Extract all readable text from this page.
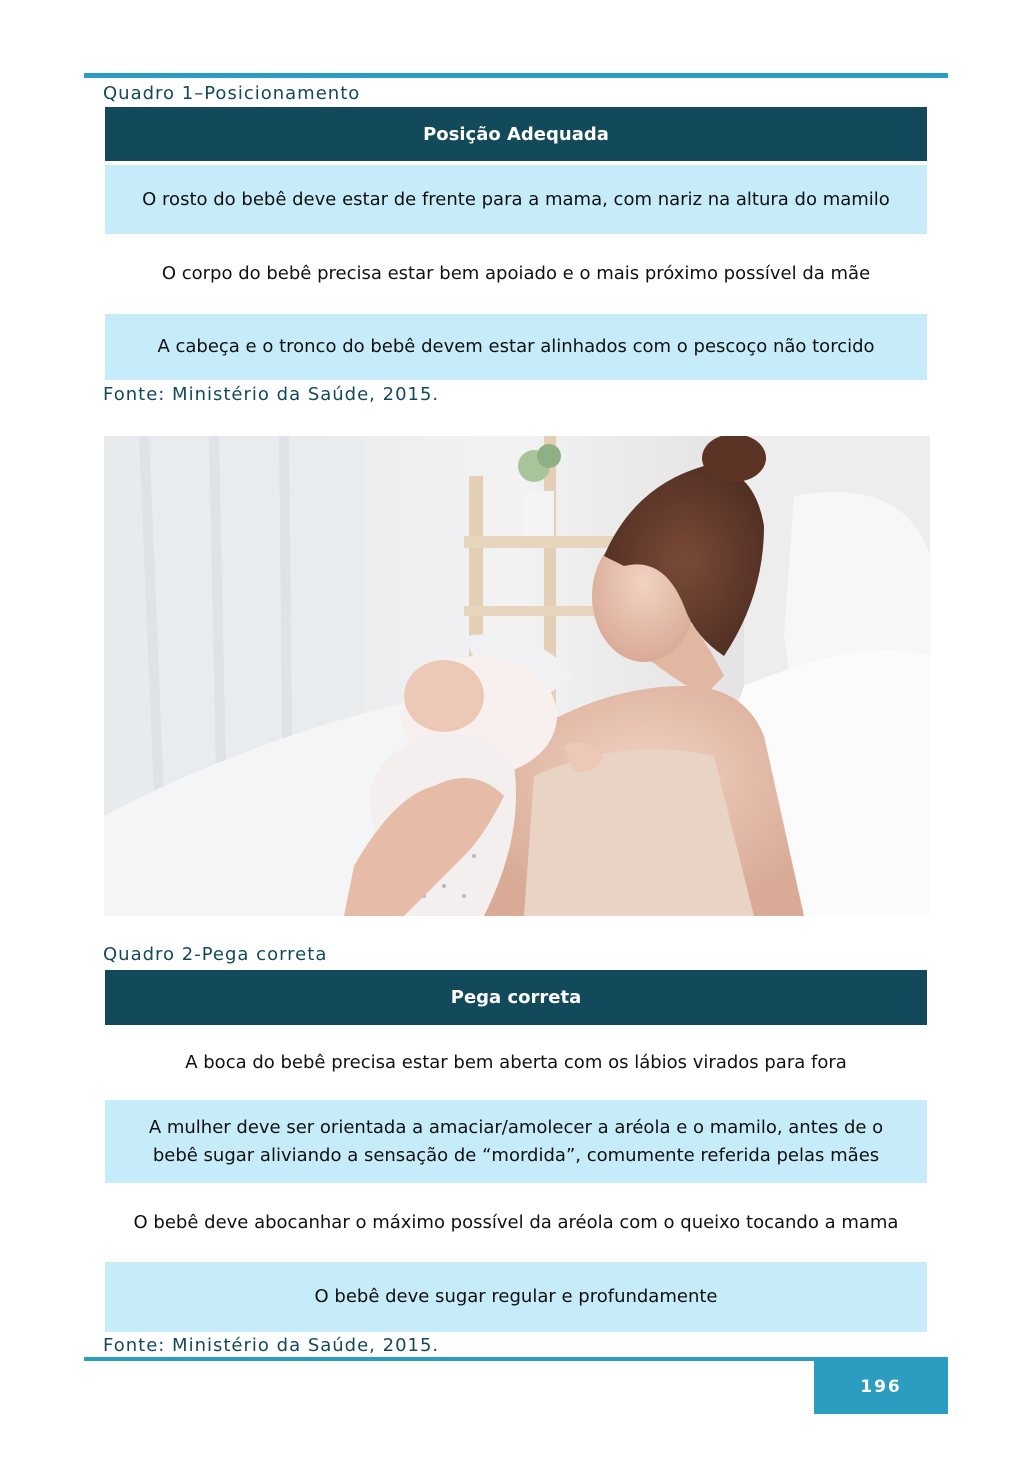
Quadro 1–Posicionamento
Posição Adequada
O rosto do bebê deve estar de frente para a mama, com nariz na altura do mamilo
O corpo do bebê precisa estar bem apoiado e o mais próximo possível da mãe
A cabeça e o tronco do bebê devem estar alinhados com o pescoço não torcido
Fonte: Ministério da Saúde, 2015.
Quadro 2-Pega correta
Pega correta
A boca do bebê precisa estar bem aberta com os lábios virados para fora
A mulher deve ser orientada a amaciar/amolecer a aréola e o mamilo, antes de o bebê sugar aliviando a sensação de “mordida”, comumente referida pelas mães
O bebê deve abocanhar o máximo possível da aréola com o queixo tocando a mama
O bebê deve sugar regular e profundamente
Fonte: Ministério da Saúde, 2015.
196
